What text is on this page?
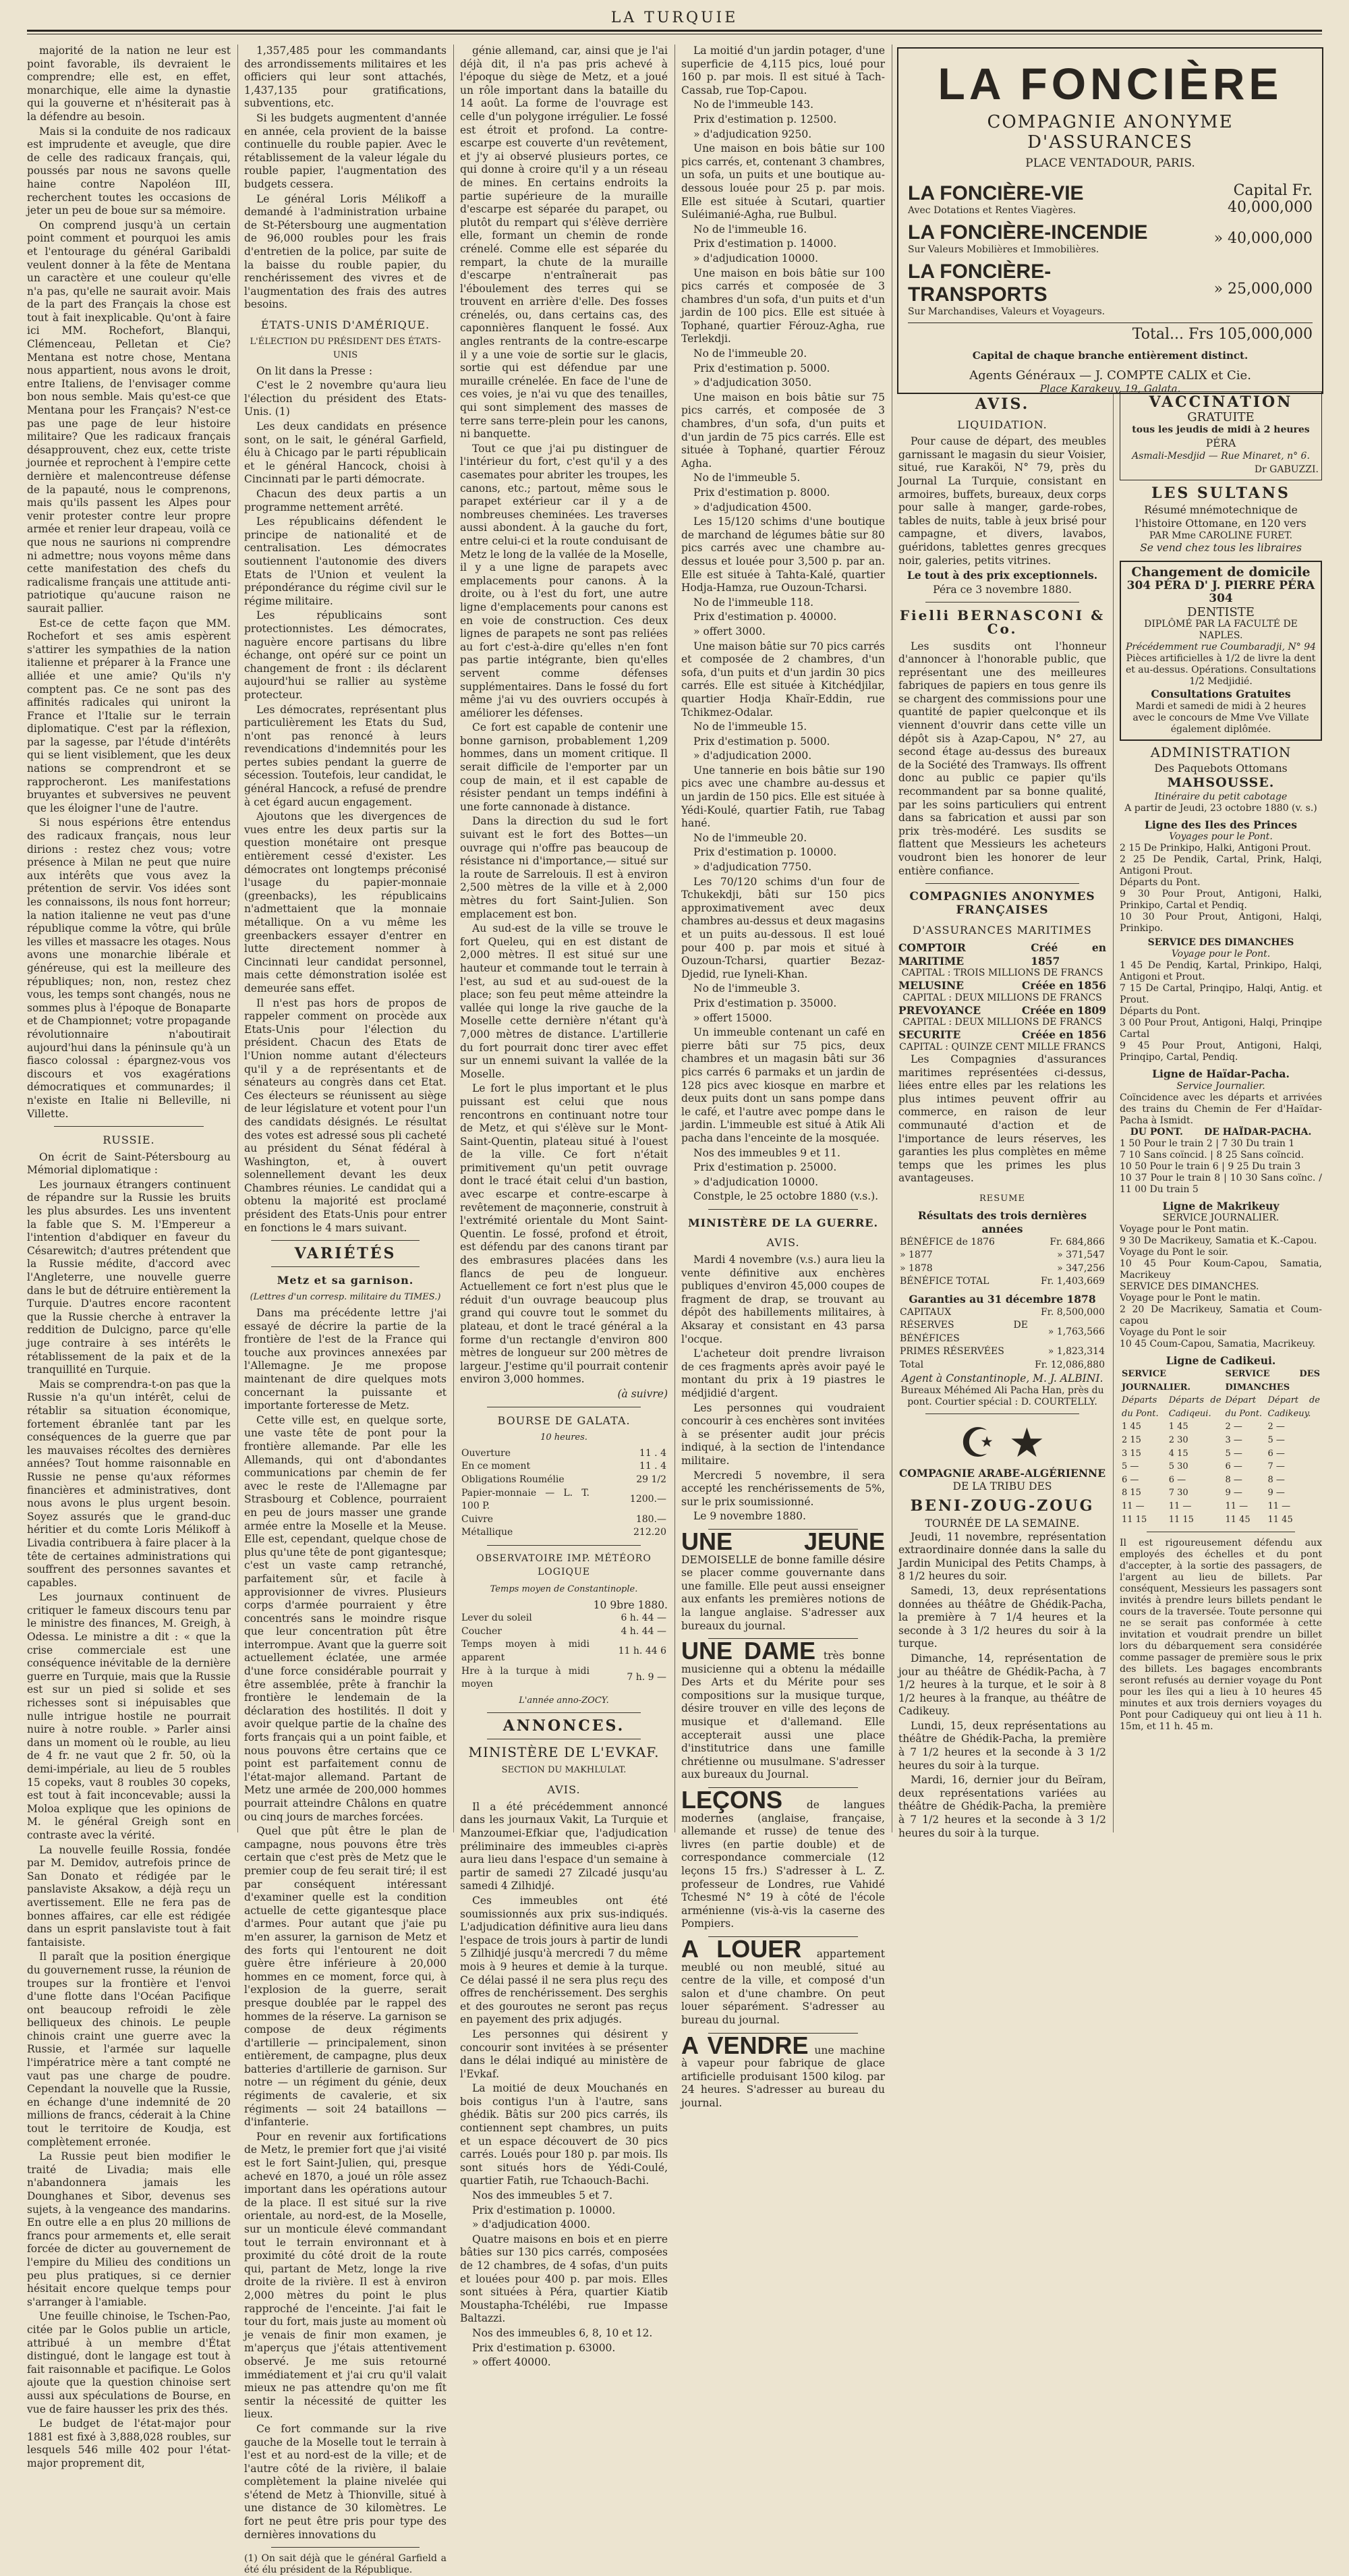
LA TURQUIE

majorité de la nation ne leur est point favorable, ils devraient le comprendre; elle est, en effet, monarchique, elle aime la dynastie qui la gouverne et n'hésiterait pas à la défendre au besoin.

Mais si la conduite de nos radicaux est imprudente et aveugle, que dire de celle des radicaux français, qui, poussés par nous ne savons quelle haine contre Napoléon III, recherchent toutes les occasions de jeter un peu de boue sur sa mémoire.

On comprend jusqu'à un certain point comment et pourquoi les amis et l'entourage du général Garibaldi veulent donner à la fête de Mentana un caractère et une couleur qu'elle n'a pas, qu'elle ne saurait avoir. Mais de la part des Français la chose est tout à fait inexplicable. Qu'ont à faire ici MM. Rochefort, Blanqui, Clémenceau, Pelletan et Cie? Mentana est notre chose, Mentana nous appartient, nous avons le droit, entre Italiens, de l'envisager comme bon nous semble. Mais qu'est-ce que Mentana pour les Français? N'est-ce pas une page de leur histoire militaire? Que les radicaux français désapprouvent, chez eux, cette triste journée et reprochent à l'empire cette dernière et malencontreuse défense de la papauté, nous le comprenons, mais qu'ils passent les Alpes pour venir protester contre leur propre armée et renier leur drapeau, voilà ce que nous ne saurions ni comprendre ni admettre; nous voyons même dans cette manifestation des chefs du radicalisme français une attitude anti-patriotique qu'aucune raison ne saurait pallier.

Est-ce de cette façon que MM. Rochefort et ses amis espèrent s'attirer les sympathies de la nation italienne et préparer à la France une alliée et une amie? Qu'ils n'y comptent pas. Ce ne sont pas des affinités radicales qui uniront la France et l'Italie sur le terrain diplomatique. C'est par la réflexion, par la sagesse, par l'étude d'intérêts qui se lient visiblement, que les deux nations se comprendront et se rapprocheront. Les manifestations bruyantes et subversives ne peuvent que les éloigner l'une de l'autre.

Si nous espérions être entendus des radicaux français, nous leur dirions : restez chez vous; votre présence à Milan ne peut que nuire aux intérêts que vous avez la prétention de servir. Vos idées sont les connaissons, ils nous font horreur; la nation italienne ne veut pas d'une république comme la vôtre, qui brûle les villes et massacre les otages. Nous avons une monarchie libérale et généreuse, qui est la meilleure des républiques; non, non, restez chez vous, les temps sont changés, nous ne sommes plus à l'époque de Bonaparte et de Championnet; votre propagande révolutionnaire n'aboutirait aujourd'hui dans la péninsule qu'à un fiasco colossal : épargnez-vous vos discours et vos exagérations démocratiques et communardes; il n'existe en Italie ni Belleville, ni Villette.

RUSSIE.

On écrit de Saint-Pétersbourg au Mémorial diplomatique :

Les journaux étrangers continuent de répandre sur la Russie les bruits les plus absurdes. Les uns inventent la fable que S. M. l'Empereur a l'intention d'abdiquer en faveur du Césarewitch; d'autres prétendent que la Russie médite, d'accord avec l'Angleterre, une nouvelle guerre dans le but de détruire entièrement la Turquie. D'autres encore racontent que la Russie cherche à entraver la reddition de Dulcigno, parce qu'elle juge contraire à ses intérêts le rétablissement de la paix et de la tranquillité en Turquie.

Mais se comprendra-t-on pas que la Russie n'a qu'un intérêt, celui de rétablir sa situation économique, fortement ébranlée tant par les conséquences de la guerre que par les mauvaises récoltes des dernières années? Tout homme raisonnable en Russie ne pense qu'aux réformes financières et administratives, dont nous avons le plus urgent besoin. Soyez assurés que le grand-duc héritier et du comte Loris Mélikoff à Livadia contribuera à faire placer à la tête de certaines administrations qui souffrent des personnes savantes et capables.

Les journaux continuent de critiquer le fameux discours tenu par le ministre des finances, M. Greigh, à Odessa. Le ministre a dit : « que la crise commerciale est une conséquence inévitable de la dernière guerre en Turquie, mais que la Russie est sur un pied si solide et ses richesses sont si inépuisables que nulle intrigue hostile ne pourrait nuire à notre rouble. » Parler ainsi dans un moment où le rouble, au lieu de 4 fr. ne vaut que 2 fr. 50, où la demi-impériale, au lieu de 5 roubles 15 copeks, vaut 8 roubles 30 copeks, est tout à fait inconcevable; aussi la Moloa explique que les opinions de M. le général Greigh sont en contraste avec la vérité.

La nouvelle feuille Rossia, fondée par M. Demidov, autrefois prince de San Donato et rédigée par le panslaviste Aksakow, a déjà reçu un avertissement. Elle ne fera pas de bonnes affaires, car elle est rédigée dans un esprit panslaviste tout à fait fantaisiste.

Il paraît que la position énergique du gouvernement russe, la réunion de troupes sur la frontière et l'envoi d'une flotte dans l'Océan Pacifique ont beaucoup refroidi le zèle belliqueux des chinois. Le peuple chinois craint une guerre avec la Russie, et l'armée sur laquelle l'impératrice mère a tant compté ne vaut pas une charge de poudre. Cependant la nouvelle que la Russie, en échange d'une indemnité de 20 millions de francs, céderait à la Chine tout le territoire de Koudja, est complètement erronée.

La Russie peut bien modifier le traité de Livadia; mais elle n'abandonnera jamais les Dounghanes et Sibor, devenus ses sujets, à la vengeance des mandarins. En outre elle a en plus 20 millions de francs pour armements et, elle serait forcée de dicter au gouvernement de l'empire du Milieu des conditions un peu plus pratiques, si ce dernier hésitait encore quelque temps pour s'arranger à l'amiable.

Une feuille chinoise, le Tschen-Pao, citée par le Golos publie un article, attribué à un membre d'État distingué, dont le langage est tout à fait raisonnable et pacifique. Le Golos ajoute que la question chinoise sert aussi aux spéculations de Bourse, en vue de faire hausser les prix des thés.

Le budget de l'état-major pour 1881 est fixé à 3,888,028 roubles, sur lesquels 546 mille 402 pour l'état-major proprement dit,

1,357,485 pour les commandants des arrondissements militaires et les officiers qui leur sont attachés, 1,437,135 pour gratifications, subventions, etc.

Si les budgets augmentent d'année en année, cela provient de la baisse continuelle du rouble papier. Avec le rétablissement de la valeur légale du rouble papier, l'augmentation des budgets cessera.

Le général Loris Mélikoff a demandé à l'administration urbaine de St-Pétersbourg une augmentation de 96,000 roubles pour les frais d'entretien de la police, par suite de la baisse du rouble papier, du renchérissement des vivres et de l'augmentation des frais des autres besoins.

ÉTATS-UNIS D'AMÉRIQUE.
L'ÉLECTION DU PRÉSIDENT DES ÉTATS-UNIS

On lit dans la Presse :

C'est le 2 novembre qu'aura lieu l'élection du président des Etats-Unis. (1)

Les deux candidats en présence sont, on le sait, le général Garfield, élu à Chicago par le parti républicain et le général Hancock, choisi à Cincinnati par le parti démocrate.

Chacun des deux partis a un programme nettement arrêté.

Les républicains défendent le principe de nationalité et de centralisation. Les démocrates soutiennent l'autonomie des divers Etats de l'Union et veulent la prépondérance du régime civil sur le régime militaire.

Les républicains sont protectionnistes. Les démocrates, naguère encore partisans du libre échange, ont opéré sur ce point un changement de front : ils déclarent aujourd'hui se rallier au système protecteur.

Les démocrates, représentant plus particulièrement les Etats du Sud, n'ont pas renoncé à leurs revendications d'indemnités pour les pertes subies pendant la guerre de sécession. Toutefois, leur candidat, le général Hancock, a refusé de prendre à cet égard aucun engagement.

Ajoutons que les divergences de vues entre les deux partis sur la question monétaire ont presque entièrement cessé d'exister. Les démocrates ont longtemps préconisé l'usage du papier-monnaie (greenbacks), les républicains n'admettaient que la monnaie métallique. On a vu même les greenbackers essayer d'entrer en lutte directement nommer à Cincinnati leur candidat personnel, mais cette démonstration isolée est demeurée sans effet.

Il n'est pas hors de propos de rappeler comment on procède aux Etats-Unis pour l'élection du président. Chacun des Etats de l'Union nomme autant d'électeurs qu'il y a de représentants et de sénateurs au congrès dans cet Etat. Ces électeurs se réunissent au siège de leur législature et votent pour l'un des candidats désignés. Le résultat des votes est adressé sous pli cacheté au président du Sénat fédéral à Washington, et, à ouvert solennellement devant les deux Chambres réunies. Le candidat qui a obtenu la majorité est proclamé président des Etats-Unis pour entrer en fonctions le 4 mars suivant.

VARIÉTÉS
Metz et sa garnison.
(Lettres d'un corresp. militaire du TIMES.)

Dans ma précédente lettre j'ai essayé de décrire la partie de la frontière de l'est de la France qui touche aux provinces annexées par l'Allemagne. Je me propose maintenant de dire quelques mots concernant la puissante et importante forteresse de Metz.

Cette ville est, en quelque sorte, une vaste tête de pont pour la frontière allemande. Par elle les Allemands, qui ont d'abondantes communications par chemin de fer avec le reste de l'Allemagne par Strasbourg et Coblence, pourraient en peu de jours masser une grande armée entre la Moselle et la Meuse. Elle est, cependant, quelque chose de plus qu'une tête de pont gigantesque; c'est un vaste camp retranché, parfaitement sûr, et facile à approvisionner de vivres. Plusieurs corps d'armée pourraient y être concentrés sans le moindre risque que leur concentration pût être interrompue. Avant que la guerre soit actuellement éclatée, une armée d'une force considérable pourrait y être assemblée, prête à franchir la frontière le lendemain de la déclaration des hostilités. Il doit y avoir quelque partie de la chaîne des forts français qui a un point faible, et nous pouvons être certains que ce point est parfaitement connu de l'état-major allemand. Partant de Metz une armée de 200,000 hommes pourrait atteindre Châlons en quatre ou cinq jours de marches forcées.

Quel que pût être le plan de campagne, nous pouvons être très certain que c'est près de Metz que le premier coup de feu serait tiré; il est par conséquent intéressant d'examiner quelle est la condition actuelle de cette gigantesque place d'armes. Pour autant que j'aie pu m'en assurer, la garnison de Metz et des forts qui l'entourent ne doit guère être inférieure à 20,000 hommes en ce moment, force qui, à l'explosion de la guerre, serait presque doublée par le rappel des hommes de la réserve. La garnison se compose de deux régiments d'artillerie — principalement, sinon entièrement, de campagne, plus deux batteries d'artillerie de garnison. Sur notre — un régiment du génie, deux régiments de cavalerie, et six régiments — soit 24 bataillons — d'infanterie.

Pour en revenir aux fortifications de Metz, le premier fort que j'ai visité est le fort Saint-Julien, qui, presque achevé en 1870, a joué un rôle assez important dans les opérations autour de la place. Il est situé sur la rive orientale, au nord-est, de la Moselle, sur un monticule élevé commandant tout le terrain environnant et à proximité du côté droit de la route qui, partant de Metz, longe la rive droite de la rivière. Il est à environ 2,000 mètres du point le plus rapproché de l'enceinte. J'ai fait le tour du fort, mais juste au moment où je venais de finir mon examen, je m'aperçus que j'étais attentivement observé. Je me suis retourné immédiatement et j'ai cru qu'il valait mieux ne pas attendre qu'on me fît sentir la nécessité de quitter les lieux.

Ce fort commande sur la rive gauche de la Moselle tout le terrain à l'est et au nord-est de la ville; et de l'autre côté de la rivière, il balaie complètement la plaine nivelée qui s'étend de Metz à Thionville, situé à une distance de 30 kilomètres. Le fort ne peut être pris pour type des dernières innovations du

(1) On sait déjà que le général Garfield a été élu président de la République.

génie allemand, car, ainsi que je l'ai déjà dit, il n'a pas pris achevé à l'époque du siège de Metz, et a joué un rôle important dans la bataille du 14 août. La forme de l'ouvrage est celle d'un polygone irrégulier. Le fossé est étroit et profond. La contre-escarpe est couverte d'un revêtement, et j'y ai observé plusieurs portes, ce qui donne à croire qu'il y a un réseau de mines. En certains endroits la partie supérieure de la muraille d'escarpe est séparée du parapet, ou plutôt du rempart qui s'élève derrière elle, formant un chemin de ronde crénelé. Comme elle est séparée du rempart, la chute de la muraille d'escarpe n'entraînerait pas l'éboulement des terres qui se trouvent en arrière d'elle. Des fosses crénelés, ou, dans certains cas, des caponnières flanquent le fossé. Aux angles rentrants de la contre-escarpe il y a une voie de sortie sur le glacis, sortie qui est défendue par une muraille crénelée. En face de l'une de ces voies, je n'ai vu que des tenailles, qui sont simplement des masses de terre sans terre-plein pour les canons, ni banquette.

Tout ce que j'ai pu distinguer de l'intérieur du fort, c'est qu'il y a des casemates pour abriter les troupes, les canons, etc.; partout, même sous le parapet extérieur car il y a de nombreuses cheminées. Les traverses aussi abondent. À la gauche du fort, entre celui-ci et la route conduisant de Metz le long de la vallée de la Moselle, il y a une ligne de parapets avec emplacements pour canons. À la droite, ou à l'est du fort, une autre ligne d'emplacements pour canons est en voie de construction. Ces deux lignes de parapets ne sont pas reliées au fort c'est-à-dire qu'elles n'en font pas partie intégrante, bien qu'elles servent comme défenses supplémentaires. Dans le fossé du fort même j'ai vu des ouvriers occupés à améliorer les défenses.

Ce fort est capable de contenir une bonne garnison, probablement 1,209 hommes, dans un moment critique. Il serait difficile de l'emporter par un coup de main, et il est capable de résister pendant un temps indéfini à une forte cannonade à distance.

Dans la direction du sud le fort suivant est le fort des Bottes—un ouvrage qui n'offre pas beaucoup de résistance ni d'importance,— situé sur la route de Sarrelouis. Il est à environ 2,500 mètres de la ville et à 2,000 mètres du fort Saint-Julien. Son emplacement est bon.

Au sud-est de la ville se trouve le fort Queleu, qui en est distant de 2,000 mètres. Il est situé sur une hauteur et commande tout le terrain à l'est, au sud et au sud-ouest de la place; son feu peut même atteindre la vallée qui longe la rive gauche de la Moselle cette dernière n'étant qu'à 7,000 mètres de distance. L'artillerie du fort pourrait donc tirer avec effet sur un ennemi suivant la vallée de la Moselle.

Le fort le plus important et le plus puissant est celui que nous rencontrons en continuant notre tour de Metz, et qui s'élève sur le Mont-Saint-Quentin, plateau situé à l'ouest de la ville. Ce fort n'était primitivement qu'un petit ouvrage dont le tracé était celui d'un bastion, avec escarpe et contre-escarpe à revêtement de maçonnerie, construit à l'extrémité orientale du Mont Saint-Quentin. Le fossé, profond et étroit, est défendu par des canons tirant par des embrasures placées dans les flancs de peu de longueur. Actuellement ce fort n'est plus que le réduit d'un ouvrage beaucoup plus grand qui couvre tout le sommet du plateau, et dont le tracé général a la forme d'un rectangle d'environ 800 mètres de longueur sur 200 mètres de largeur. J'estime qu'il pourrait contenir environ 3,000 hommes.

(à suivre)
BOURSE DE GALATA.
10 heures.
Ouverture	11 . 4
En ce moment	11 . 4
Obligations Roumélie	29 1/2
Papier-monnaie — L. T. 100 P.	1200.—
Cuivre	180.—
Métallique	212.20
OBSERVATOIRE IMP. MÉTÉORO LOGIQUE
Temps moyen de Constantinople.
10 9bre 1880.
Lever du soleil	6 h. 44 —
Coucher	4 h. 44 —
Temps moyen à midi apparent	11 h. 44 6
Hre à la turque à midi moyen	7 h. 9 —
L'année anno-ZOCY.
ANNONCES.
MINISTÈRE DE L'EVKAF.
SECTION DU MAKHLULAT.
AVIS.

Il a été précédemment annoncé dans les journaux Vakit, La Turquie et Manzoumei-Efkiar que, l'adjudication préliminaire des immeubles ci-après aura lieu dans l'espace d'un semaine à partir de samedi 27 Zilcadé jusqu'au samedi 4 Zilhidjé.

Ces immeubles ont été soumissionnés aux prix sus-indiqués. L'adjudication définitive aura lieu dans l'espace de trois jours à partir de lundi 5 Zilhidjé jusqu'à mercredi 7 du même mois à 9 heures et demie à la turque. Ce délai passé il ne sera plus reçu des offres de renchérissement. Des serghis et des gouroutes ne seront pas reçus en payement des prix adjugés.

Les personnes qui désirent y concourir sont invitées à se présenter dans le délai indiqué au ministère de l'Evkaf.

La moitié de deux Mouchanés en bois contigus l'un à l'autre, sans ghédik. Bâtis sur 200 pics carrés, ils contiennent sept chambres, un puits et un espace découvert de 30 pics carrés. Loués pour 180 p. par mois. Ils sont situés hors de Yédi-Coulé, quartier Fatih, rue Tchaouch-Bachi.

Nos des immeubles 5 et 7.

Prix d'estimation p. 10000.

» d'adjudication 4000.

Quatre maisons en bois et en pierre bâties sur 130 pics carrés, composées de 12 chambres, de 4 sofas, d'un puits et louées pour 400 p. par mois. Elles sont situées à Péra, quartier Kiatib Moustapha-Tchélébi, rue Impasse Baltazzi.

Nos des immeubles 6, 8, 10 et 12.

Prix d'estimation p. 63000.

» offert 40000.

La moitié d'un jardin potager, d'une superficie de 4,115 pics, loué pour 160 p. par mois. Il est situé à Tach-Cassab, rue Top-Capou.

No de l'immeuble 143.

Prix d'estimation p. 12500.

» d'adjudication 9250.

Une maison en bois bâtie sur 100 pics carrés, et, contenant 3 chambres, un sofa, un puits et une boutique au-dessous louée pour 25 p. par mois. Elle est située à Scutari, quartier Suléimanié-Agha, rue Bulbul.

No de l'immeuble 16.

Prix d'estimation p. 14000.

» d'adjudication 10000.

Une maison en bois bâtie sur 100 pics carrés et composée de 3 chambres d'un sofa, d'un puits et d'un jardin de 100 pics. Elle est située à Tophané, quartier Férouz-Agha, rue Terlekdji.

No de l'immeuble 20.

Prix d'estimation p. 5000.

» d'adjudication 3050.

Une maison en bois bâtie sur 75 pics carrés, et composée de 3 chambres, d'un sofa, d'un puits et d'un jardin de 75 pics carrés. Elle est située à Tophané, quartier Férouz Agha.

No de l'immeuble 5.

Prix d'estimation p. 8000.

» d'adjudication 4500.

Les 15/120 schims d'une boutique de marchand de légumes bâtie sur 80 pics carrés avec une chambre au-dessus et louée pour 3,500 p. par an. Elle est située à Tahta-Kalé, quartier Hodja-Hamza, rue Ouzoun-Tcharsi.

No de l'immeuble 118.

Prix d'estimation p. 40000.

» offert 3000.

Une maison bâtie sur 70 pics carrés et composée de 2 chambres, d'un sofa, d'un puits et d'un jardin 30 pics carrés. Elle est située à Kitchédjilar, quartier Hodja Khaïr-Eddin, rue Tchikmez-Odalar.

No de l'immeuble 15.

Prix d'estimation p. 5000.

» d'adjudication 2000.

Une tannerie en bois bâtie sur 190 pics avec une chambre au-dessus et un jardin de 150 pics. Elle est située à Yédi-Koulé, quartier Fatih, rue Tabag hané.

No de l'immeuble 20.

Prix d'estimation p. 10000.

» d'adjudication 7750.

Les 70/120 schims d'un four de Tchukekdji, bâti sur 150 pics approximativement avec deux chambres au-dessus et deux magasins et un puits au-dessous. Il est loué pour 400 p. par mois et situé à Ouzoun-Tcharsi, quartier Bezaz-Djedid, rue Iyneli-Khan.

No de l'immeuble 3.

Prix d'estimation p. 35000.

» offert 15000.

Un immeuble contenant un café en pierre bâti sur 75 pics, deux chambres et un magasin bâti sur 36 pics carrés 6 parmaks et un jardin de 128 pics avec kiosque en marbre et deux puits dont un sans pompe dans le café, et l'autre avec pompe dans le jardin. L'immeuble est situé à Atik Ali pacha dans l'enceinte de la mosquée.

Nos des immeubles 9 et 11.

Prix d'estimation p. 25000.

» d'adjudication 10000.

Constple, le 25 octobre 1880 (v.s.).

MINISTÈRE DE LA GUERRE.
AVIS.

Mardi 4 novembre (v.s.) aura lieu la vente définitive aux enchères publiques d'environ 45,000 coupes de fragment de drap, se trouvant au dépôt des habillements militaires, à Aksaray et consistant en 43 parsa l'ocque.

L'acheteur doit prendre livraison de ces fragments après avoir payé le montant du prix à 19 piastres le médjidié d'argent.

Les personnes qui voudraient concourir à ces enchères sont invitées à se présenter audit jour précis indiqué, à la section de l'intendance militaire.

Mercredi 5 novembre, il sera accepté les renchérissements de 5%, sur le prix soumissionné.

Le 9 novembre 1880.

UNE JEUNE DEMOISELLE de bonne famille désire se placer comme gouvernante dans une famille. Elle peut aussi enseigner aux enfants les premières notions de la langue anglaise. S'adresser aux bureaux du journal.

UNE DAME très bonne musicienne qui a obtenu la médaille Des Arts et du Mérite pour ses compositions sur la musique turque, désire trouver en ville des leçons de musique et d'allemand. Elle accepterait aussi une place d'institutrice dans une famille chrétienne ou musulmane. S'adresser aux bureaux du Journal.

LEÇONS de langues modernes (anglaise, française, allemande et russe) de tenue des livres (en partie double) et de correspondance commerciale (12 leçons 15 frs.) S'adresser à L. Z. professeur de Londres, rue Vahidé Tchesmé N° 19 à côté de l'école arménienne (vis-à-vis la caserne des Pompiers.

A LOUER appartement meublé ou non meublé, situé au centre de la ville, et composé d'un salon et d'une chambre. On peut louer séparément. S'adresser au bureau du journal.

A VENDRE une machine à vapeur pour fabrique de glace artificielle produisant 1500 kilog. par 24 heures. S'adresser au bureau du journal.

LA FONCIÈRE
COMPAGNIE ANONYME D'ASSURANCES
PLACE VENTADOUR, PARIS.
LA FONCIÈRE-VIE
Avec Dotations et Rentes Viagères.
Capital Fr. 40,000,000
LA FONCIÈRE-INCENDIE
Sur Valeurs Mobilières et Immobilières.
» 40,000,000
LA FONCIÈRE-TRANSPORTS
Sur Marchandises, Valeurs et Voyageurs.
» 25,000,000
Total... Frs 105,000,000
Capital de chaque branche entièrement distinct.
Agents Généraux — J. COMPTE CALIX et Cie.
Place Karakeuy, 19, Galata.
AVIS.
LIQUIDATION.

Pour cause de départ, des meubles garnissant le magasin du sieur Voisier, situé, rue Karaköi, N° 79, près du Journal La Turquie, consistant en armoires, buffets, bureaux, deux corps pour salle à manger, garde-robes, tables de nuits, table à jeux brisé pour campagne, et divers, lavabos, guéridons, tablettes genres grecques noir, galeries, petits vitrines.

Le tout à des prix exceptionnels.

Péra ce 3 novembre 1880.

Fielli BERNASCONI & Co.

Les susdits ont l'honneur d'annoncer à l'honorable public, que représentant une des meilleures fabriques de papiers en tous genre ils se chargent des commissions pour une quantité de papier quelconque et ils viennent d'ouvrir dans cette ville un dépôt sis à Azap-Capou, N° 27, au second étage au-dessus des bureaux de la Société des Tramways. Ils offrent donc au public ce papier qu'ils recommandent par sa bonne qualité, par les soins particuliers qui entrent dans sa fabrication et aussi par son prix très-modéré. Les susdits se flattent que Messieurs les acheteurs voudront bien les honorer de leur entière confiance.

COMPAGNIES ANONYMES FRANÇAISES
D'ASSURANCES MARITIMES
COMPTOIR MARITIME
Créé en 1857
CAPITAL : TROIS MILLIONS DE FRANCS
MELUSINE	Créée en 1856
CAPITAL : DEUX MILLIONS DE FRANCS
PREVOYANCE	Créée en 1809
CAPITAL : DEUX MILLIONS DE FRANCS
SECURITE	Créée en 1856
CAPITAL : QUINZE CENT MILLE FRANCS

Les Compagnies d'assurances maritimes représentées ci-dessus, liées entre elles par les relations les plus intimes peuvent offrir au commerce, en raison de leur communauté d'action et de l'importance de leurs réserves, les garanties les plus complètes en même temps que les primes les plus avantageuses.

RESUME
Résultats des trois dernières années
BÉNÉFICE de 1876	Fr. 684,866
» 1877	» 371,547
» 1878	» 347,256
BÉNÉFICE TOTAL	Fr. 1,403,669
Garanties au 31 décembre 1878
CAPITAUX	Fr. 8,500,000
RÉSERVES DE BÉNÉFICES	» 1,763,566
PRIMES RÉSERVÉES	» 1,823,314
Total	Fr. 12,086,880
Agent à Constantinople, M. J. ALBINI.
Bureaux Méhémed Ali Pacha Han, près du pont. Courtier spécial : D. COURTELLY.
☪ ★
COMPAGNIE ARABE-ALGÉRIENNE
DE LA TRIBU DES
BENI-ZOUG-ZOUG
TOURNÉE DE LA SEMAINE.

Jeudi, 11 novembre, représentation extraordinaire donnée dans la salle du Jardin Municipal des Petits Champs, à 8 1/2 heures du soir.

Samedi, 13, deux représentations données au théâtre de Ghédik-Pacha, la première à 7 1/4 heures et la seconde à 3 1/2 heures du soir à la turque.

Dimanche, 14, représentation de jour au théâtre de Ghédik-Pacha, à 7 1/2 heures à la turque, et le soir à 8 1/2 heures à la franque, au théâtre de Cadikeuy.

Lundi, 15, deux représentations au théâtre de Ghédik-Pacha, la première à 7 1/2 heures et la seconde à 3 1/2 heures du soir à la turque.

Mardi, 16, dernier jour du Beïram, deux représentations variées au théâtre de Ghédik-Pacha, la première à 7 1/2 heures et la seconde à 3 1/2 heures du soir à la turque.

VACCINATION
GRATUITE
tous les jeudis de midi à 2 heures
PÉRA
Asmali-Mesdjid — Rue Minaret, n° 6.
Dr GABUZZI.
LES SULTANS
Résumé mnémotechnique de l'histoire Ottomane, en 120 vers
PAR Mme CAROLINE FURET.
Se vend chez tous les libraires
Changement de domicile
304 PÉRA D' J. PIERRE PÉRA 304
DENTISTE
DIPLÔMÉ PAR LA FACULTÉ DE NAPLES.
Précédemment rue Coumbaradji, N° 94
Pièces artificielles à 1/2 de livre la dent et au-dessus. Opérations. Consultations 1/2 Medjidié.
Consultations Gratuites
Mardi et samedi de midi à 2 heures avec le concours de Mme Vve Villate également diplômée.
ADMINISTRATION
Des Paquebots Ottomans
MAHSOUSSE.
Itinéraire du petit cabotage
A partir de Jeudi, 23 octobre 1880 (v. s.)
Ligne des Iles des Princes
Voyages pour le Pont.
2 15 De Prinkipo, Halki, Antigoni Prout.
2 25 De Pendik, Cartal, Prink, Halqi, Antigoni Prout.
Départs du Pont.
9 30 Pour Prout, Antigoni, Halki, Prinkipo, Cartal et Pendiq.
10 30 Pour Prout, Antigoni, Halqi, Prinkipo.
SERVICE DES DIMANCHES
Voyage pour le Pont.
1 45 De Pendiq, Kartal, Prinkipo, Halqi, Antigoni et Prout.
7 15 De Cartal, Prinqipo, Halqi, Antig. et Prout.
Départs du Pont.
3 00 Pour Prout, Antigoni, Halqi, Prinqipe Cartal
9 45 Pour Prout, Antigoni, Halqi, Prinqipo, Cartal, Pendiq.
Ligne de Haïdar-Pacha.
Service Journalier.
Coïncidence avec les départs et arrivées des trains du Chemin de Fer d'Haïdar-Pacha à Ismidt.
DU PONT. DE HAÏDAR-PACHA.
1 50 Pour le train 2 | 7 30 Du train 1
7 10 Sans coïncid. | 8 25 Sans coïncid.
10 50 Pour le train 6 | 9 25 Du train 3
10 37 Pour le train 8 | 10 30 Sans coïnc. / 11 00 Du train 5
Ligne de Makrikeuy
SERVICE JOURNALIER.
Voyage pour le Pont matin.
9 30 De Macrikeuy, Samatia et K.-Capou.
Voyage du Pont le soir.
10 45 Pour Koum-Capou, Samatia, Macrikeuy
SERVICE DES DIMANCHES.
Voyage pour le Pont le matin.
2 20 De Macrikeuy, Samatia et Coum-capou
Voyage du Pont le soir
10 45 Coum-Capou, Samatia, Macrikeuy.
Ligne de Cadikeui.
SERVICE JOURNALIER.		SERVICE DES DIMANCHES	
Départs du Pont.	Départs de Cadiqeui.	Départ du Pont.	Départ de Cadikeuy.
1 45	1 45	2 —	2 —
2 15	2 30	3 —	5 —
3 15	4 15	5 —	6 —
5 —	5 30	6 —	7 —
6 —	6 —	8 —	8 —
8 15	7 30	9 —	9 —
11 —	11 —	11 —	11 —
11 15	11 15	11 45	11 45
Il est rigoureusement défendu aux employés des échelles et du pont d'accepter, à la sortie des passagers, de l'argent au lieu de billets. Par conséquent, Messieurs les passagers sont invités à prendre leurs billets pendant le cours de la traversée. Toute personne qui ne se serait pas conformée à cette invitation et voudrait prendre un billet lors du débarquement sera considérée comme passager de première sous le prix des billets. Les bagages encombrants seront refusés au dernier voyage du Pont pour les îles qui a lieu à 10 heures 45 minutes et aux trois derniers voyages du Pont pour Cadiqueuy qui ont lieu à 11 h. 15m, et 11 h. 45 m.
